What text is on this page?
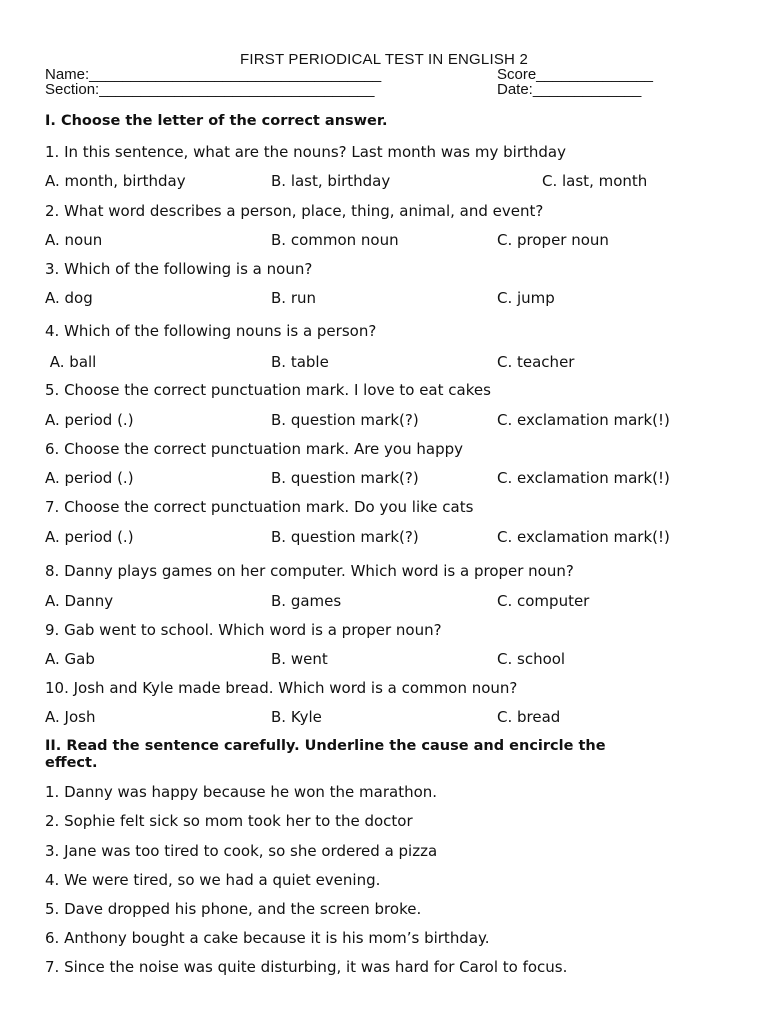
FIRST PERIODICAL TEST IN ENGLISH 2
Name:___________________________________	Score______________
Section:_________________________________	Date:_____________
I. Choose the letter of the correct answer.
1. In this sentence, what are the nouns? Last month was my birthday
A. month, birthday	B. last, birthday	C. last, month
2. What word describes a person, place, thing, animal, and event?
A. noun	B. common noun	C. proper noun
3. Which of the following is a noun?
A. dog	B. run	C. jump
4. Which of the following nouns is a person?
A. ball	B. table	C. teacher
5. Choose the correct punctuation mark. I love to eat cakes
A. period (.)	B. question mark(?)	C. exclamation mark(!)
6. Choose the correct punctuation mark. Are you happy
A. period (.)	B. question mark(?)	C. exclamation mark(!)
7. Choose the correct punctuation mark. Do you like cats
A. period (.)	B. question mark(?)	C. exclamation mark(!)
8. Danny plays games on her computer. Which word is a proper noun?
A. Danny	B. games	C. computer
9. Gab went to school. Which word is a proper noun?
A. Gab	B. went	C. school
10. Josh and Kyle made bread. Which word is a common noun?
A. Josh	B. Kyle	C. bread
II. Read the sentence carefully. Underline the cause and encircle the
effect.
1. Danny was happy because he won the marathon.
2. Sophie felt sick so mom took her to the doctor
3. Jane was too tired to cook, so she ordered a pizza
4. We were tired, so we had a quiet evening.
5. Dave dropped his phone, and the screen broke.
6. Anthony bought a cake because it is his mom’s birthday.
7. Since the noise was quite disturbing, it was hard for Carol to focus.
